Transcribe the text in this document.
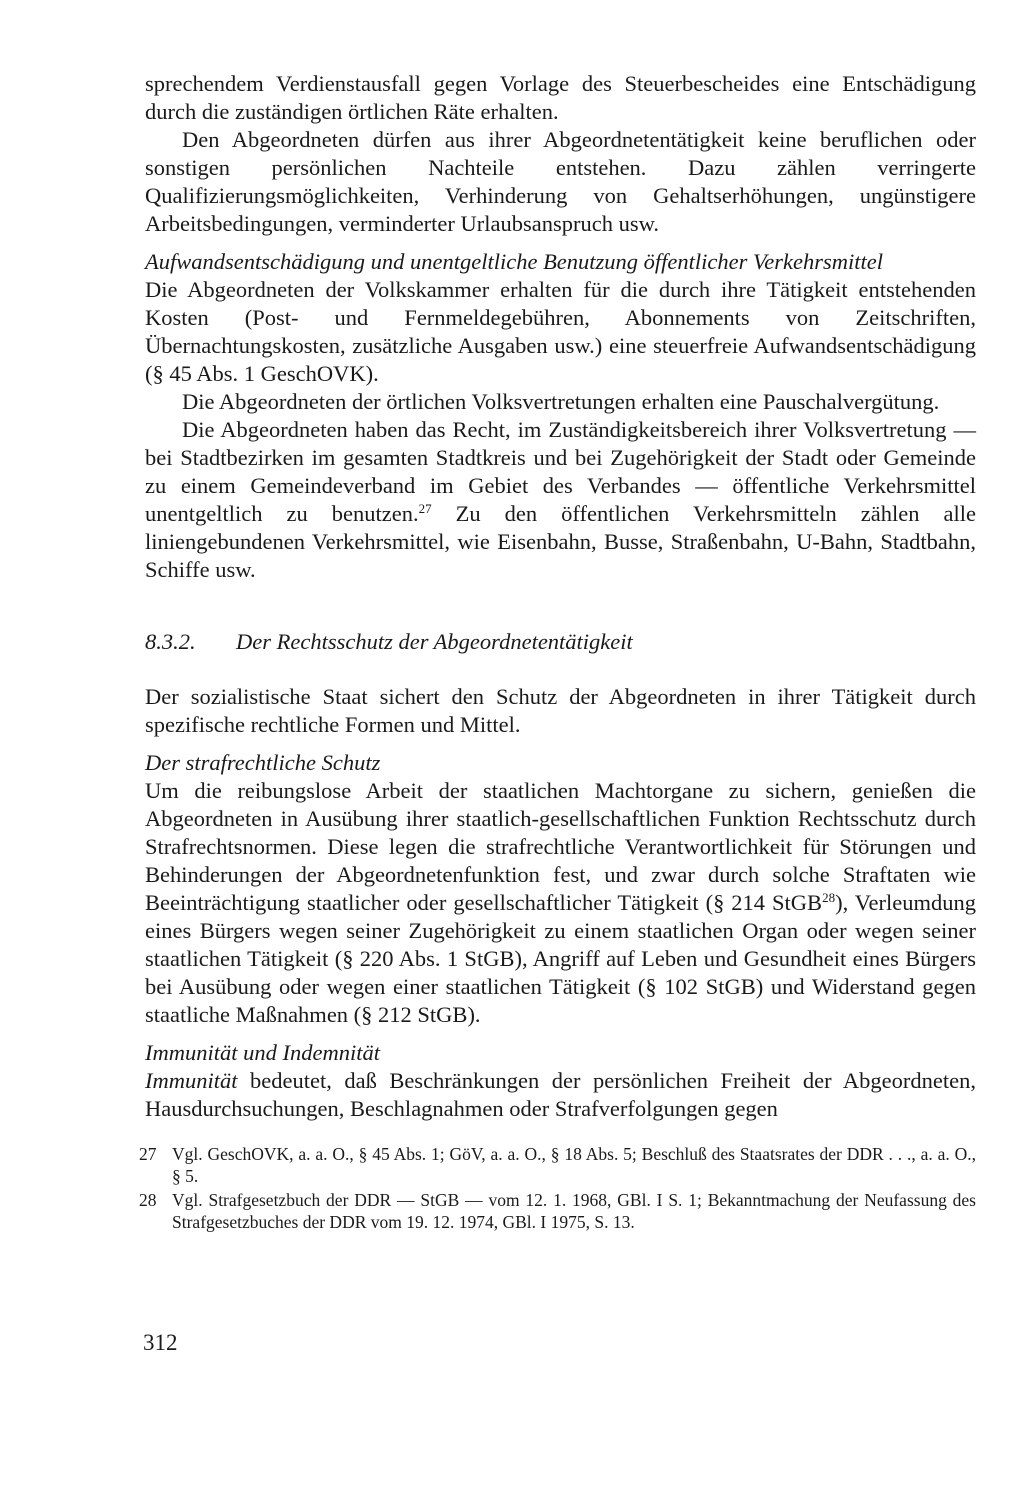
sprechendem Verdienstausfall gegen Vorlage des Steuerbescheides eine Entschädigung durch die zuständigen örtlichen Räte erhalten.

Den Abgeordneten dürfen aus ihrer Abgeordnetentätigkeit keine beruflichen oder sonstigen persönlichen Nachteile entstehen. Dazu zählen verringerte Qualifizierungsmöglichkeiten, Verhinderung von Gehaltserhöhungen, ungünstigere Arbeitsbedingungen, verminderter Urlaubsanspruch usw.

Aufwandsentschädigung und unentgeltliche Benutzung öffentlicher Verkehrsmittel

Die Abgeordneten der Volkskammer erhalten für die durch ihre Tätigkeit entstehenden Kosten (Post- und Fernmeldegebühren, Abonnements von Zeitschriften, Übernachtungskosten, zusätzliche Ausgaben usw.) eine steuerfreie Aufwandsentschädigung (§ 45 Abs. 1 GeschOVK).

Die Abgeordneten der örtlichen Volksvertretungen erhalten eine Pauschalvergütung.

Die Abgeordneten haben das Recht, im Zuständigkeitsbereich ihrer Volksvertretung — bei Stadtbezirken im gesamten Stadtkreis und bei Zugehörigkeit der Stadt oder Gemeinde zu einem Gemeindeverband im Gebiet des Verbandes — öffentliche Verkehrsmittel unentgeltlich zu benutzen.$^{27}$ Zu den öffentlichen Verkehrsmitteln zählen alle liniengebundenen Verkehrsmittel, wie Eisenbahn, Busse, Straßenbahn, U-Bahn, Stadtbahn, Schiffe usw.

8.3.2.	Der Rechtsschutz der Abgeordnetentätigkeit

Der sozialistische Staat sichert den Schutz der Abgeordneten in ihrer Tätigkeit durch spezifische rechtliche Formen und Mittel.

Der strafrechtliche Schutz

Um die reibungslose Arbeit der staatlichen Machtorgane zu sichern, genießen die Abgeordneten in Ausübung ihrer staatlich-gesellschaftlichen Funktion Rechtsschutz durch Strafrechtsnormen. Diese legen die strafrechtliche Verantwortlichkeit für Störungen und Behinderungen der Abgeordnetenfunktion fest, und zwar durch solche Straftaten wie Beeinträchtigung staatlicher oder gesellschaftlicher Tätigkeit (§ 214 StGB$^{28}$), Verleumdung eines Bürgers wegen seiner Zugehörigkeit zu einem staatlichen Organ oder wegen seiner staatlichen Tätigkeit (§ 220 Abs. 1 StGB), Angriff auf Leben und Gesundheit eines Bürgers bei Ausübung oder wegen einer staatlichen Tätigkeit (§ 102 StGB) und Widerstand gegen staatliche Maßnahmen (§ 212 StGB).

Immunität und Indemnität

Immunität bedeutet, daß Beschränkungen der persönlichen Freiheit der Abgeordneten, Hausdurchsuchungen, Beschlagnahmen oder Strafverfolgungen gegen

27 Vgl. GeschOVK, a. a. O., § 45 Abs. 1; GöV, a. a. O., § 18 Abs. 5; Beschluß des Staatsrates der DDR . . ., a. a. O., § 5.
28 Vgl. Strafgesetzbuch der DDR — StGB — vom 12. 1. 1968, GBl. I S. 1; Bekanntmachung der Neufassung des Strafgesetzbuches der DDR vom 19. 12. 1974, GBl. I 1975, S. 13.
312
